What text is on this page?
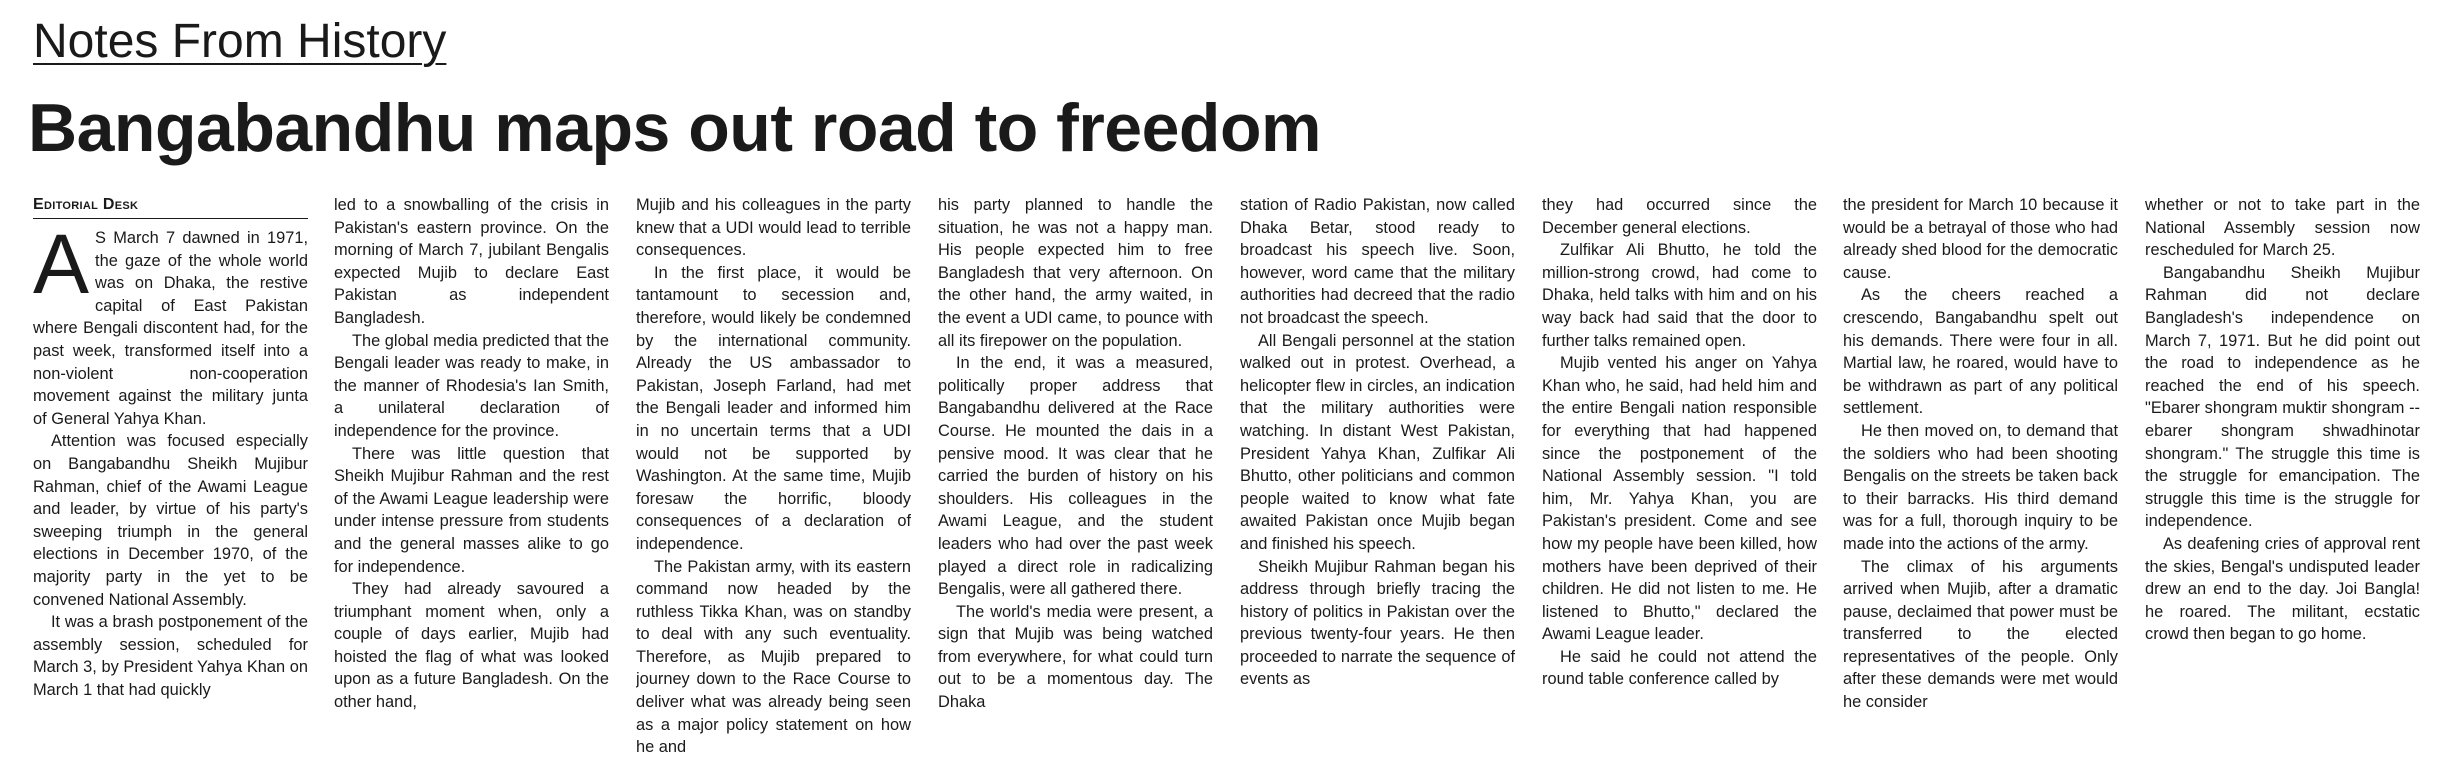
Notes From History
Bangabandhu maps out road to freedom
Editorial Desk
A S March 7 dawned in 1971, the gaze of the whole world was on Dhaka, the restive capital of East Pakistan where Bengali discontent had, for the past week, transformed itself into a non-violent non-cooperation movement against the military junta of General Yahya Khan.

Attention was focused especially on Bangabandhu Sheikh Mujibur Rahman, chief of the Awami League and leader, by virtue of his party's sweeping triumph in the general elections in December 1970, of the majority party in the yet to be convened National Assembly.

It was a brash postponement of the assembly session, scheduled for March 3, by President Yahya Khan on March 1 that had quickly

led to a snowballing of the crisis in Pakistan's eastern province. On the morning of March 7, jubilant Bengalis expected Mujib to declare East Pakistan as independent Bangladesh.

The global media predicted that the Bengali leader was ready to make, in the manner of Rhodesia's Ian Smith, a unilateral declaration of independence for the province.

There was little question that Sheikh Mujibur Rahman and the rest of the Awami League leadership were under intense pressure from students and the general masses alike to go for independence.

They had already savoured a triumphant moment when, only a couple of days earlier, Mujib had hoisted the flag of what was looked upon as a future Bangladesh. On the other hand,

Mujib and his colleagues in the party knew that a UDI would lead to terrible consequences.

In the first place, it would be tantamount to secession and, therefore, would likely be condemned by the international community. Already the US ambassador to Pakistan, Joseph Farland, had met the Bengali leader and informed him in no uncertain terms that a UDI would not be supported by Washington. At the same time, Mujib foresaw the horrific, bloody consequences of a declaration of independence.

The Pakistan army, with its eastern command now headed by the ruthless Tikka Khan, was on standby to deal with any such eventuality. Therefore, as Mujib prepared to journey down to the Race Course to deliver what was already being seen as a major policy statement on how he and

his party planned to handle the situation, he was not a happy man. His people expected him to free Bangladesh that very afternoon. On the other hand, the army waited, in the event a UDI came, to pounce with all its firepower on the population.

In the end, it was a measured, politically proper address that Bangabandhu delivered at the Race Course. He mounted the dais in a pensive mood. It was clear that he carried the burden of history on his shoulders. His colleagues in the Awami League, and the student leaders who had over the past week played a direct role in radicalizing Bengalis, were all gathered there.

The world's media were present, a sign that Mujib was being watched from everywhere, for what could turn out to be a momentous day. The Dhaka

station of Radio Pakistan, now called Dhaka Betar, stood ready to broadcast his speech live. Soon, however, word came that the military authorities had decreed that the radio not broadcast the speech.

All Bengali personnel at the station walked out in protest. Overhead, a helicopter flew in circles, an indication that the military authorities were watching. In distant West Pakistan, President Yahya Khan, Zulfikar Ali Bhutto, other politicians and common people waited to know what fate awaited Pakistan once Mujib began and finished his speech.

Sheikh Mujibur Rahman began his address through briefly tracing the history of politics in Pakistan over the previous twenty-four years. He then proceeded to narrate the sequence of events as

they had occurred since the December general elections.

Zulfikar Ali Bhutto, he told the million-strong crowd, had come to Dhaka, held talks with him and on his way back had said that the door to further talks remained open.

Mujib vented his anger on Yahya Khan who, he said, had held him and the entire Bengali nation responsible for everything that had happened since the postponement of the National Assembly session. "I told him, Mr. Yahya Khan, you are Pakistan's president. Come and see how my people have been killed, how mothers have been deprived of their children. He did not listen to me. He listened to Bhutto," declared the Awami League leader.

He said he could not attend the round table conference called by

the president for March 10 because it would be a betrayal of those who had already shed blood for the democratic cause.

As the cheers reached a crescendo, Bangabandhu spelt out his demands. There were four in all. Martial law, he roared, would have to be withdrawn as part of any political settlement.

He then moved on, to demand that the soldiers who had been shooting Bengalis on the streets be taken back to their barracks. His third demand was for a full, thorough inquiry to be made into the actions of the army.

The climax of his arguments arrived when Mujib, after a dramatic pause, declaimed that power must be transferred to the elected representatives of the people. Only after these demands were met would he consider

whether or not to take part in the National Assembly session now rescheduled for March 25.

Bangabandhu Sheikh Mujibur Rahman did not declare Bangladesh's independence on March 7, 1971. But he did point out the road to independence as he reached the end of his speech. "Ebarer shongram muktir shongram -- ebarer shongram shwadhinotar shongram." The struggle this time is the struggle for emancipation. The struggle this time is the struggle for independence.

As deafening cries of approval rent the skies, Bengal's undisputed leader drew an end to the day. Joi Bangla! he roared. The militant, ecstatic crowd then began to go home.
